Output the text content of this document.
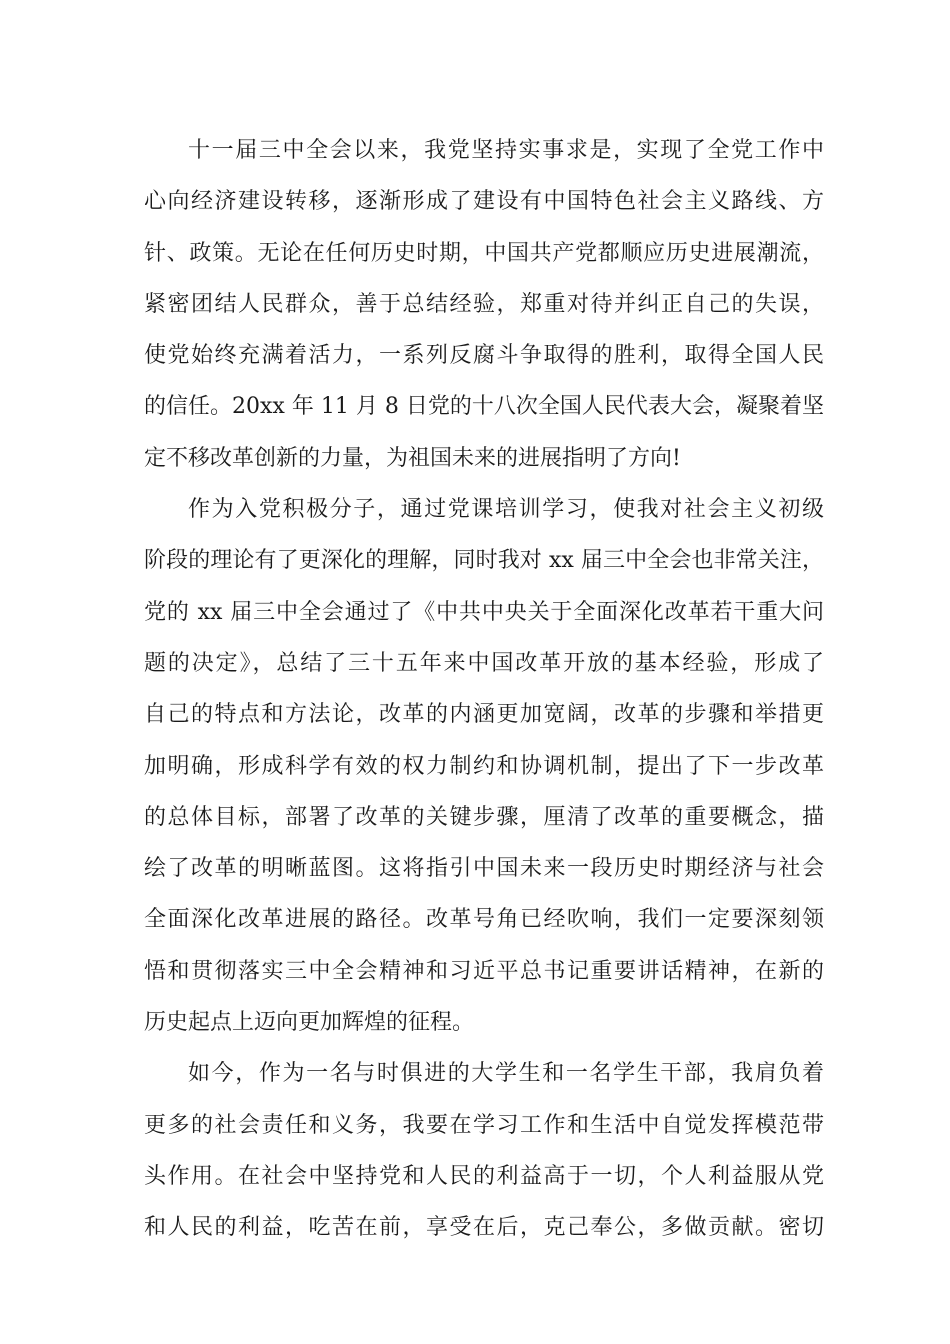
十一届三中全会以来，我党坚持实事求是，实现了全党工作中
心向经济建设转移，逐渐形成了建设有中国特色社会主义路线、方
针、政策。无论在任何历史时期，中国共产党都顺应历史进展潮流，
紧密团结人民群众，善于总结经验，郑重对待并纠正自己的失误，
使党始终充满着活力，一系列反腐斗争取得的胜利，取得全国人民
的信任。20xx 年 11 月 8 日党的十八次全国人民代表大会，凝聚着坚
定不移改革创新的力量，为祖国未来的进展指明了方向!
作为入党积极分子，通过党课培训学习，使我对社会主义初级
阶段的理论有了更深化的理解，同时我对 xx 届三中全会也非常关注，
党的 xx 届三中全会通过了《中共中央关于全面深化改革若干重大问
题的决定》，总结了三十五年来中国改革开放的基本经验，形成了
自己的特点和方法论，改革的内涵更加宽阔，改革的步骤和举措更
加明确，形成科学有效的权力制约和协调机制，提出了下一步改革
的总体目标，部署了改革的关键步骤，厘清了改革的重要概念，描
绘了改革的明晰蓝图。这将指引中国未来一段历史时期经济与社会
全面深化改革进展的路径。改革号角已经吹响，我们一定要深刻领
悟和贯彻落实三中全会精神和习近平总书记重要讲话精神，在新的
历史起点上迈向更加辉煌的征程。
如今，作为一名与时俱进的大学生和一名学生干部，我肩负着
更多的社会责任和义务，我要在学习工作和生活中自觉发挥模范带
头作用。在社会中坚持党和人民的利益高于一切，个人利益服从党
和人民的利益，吃苦在前，享受在后，克己奉公，多做贡献。密切
